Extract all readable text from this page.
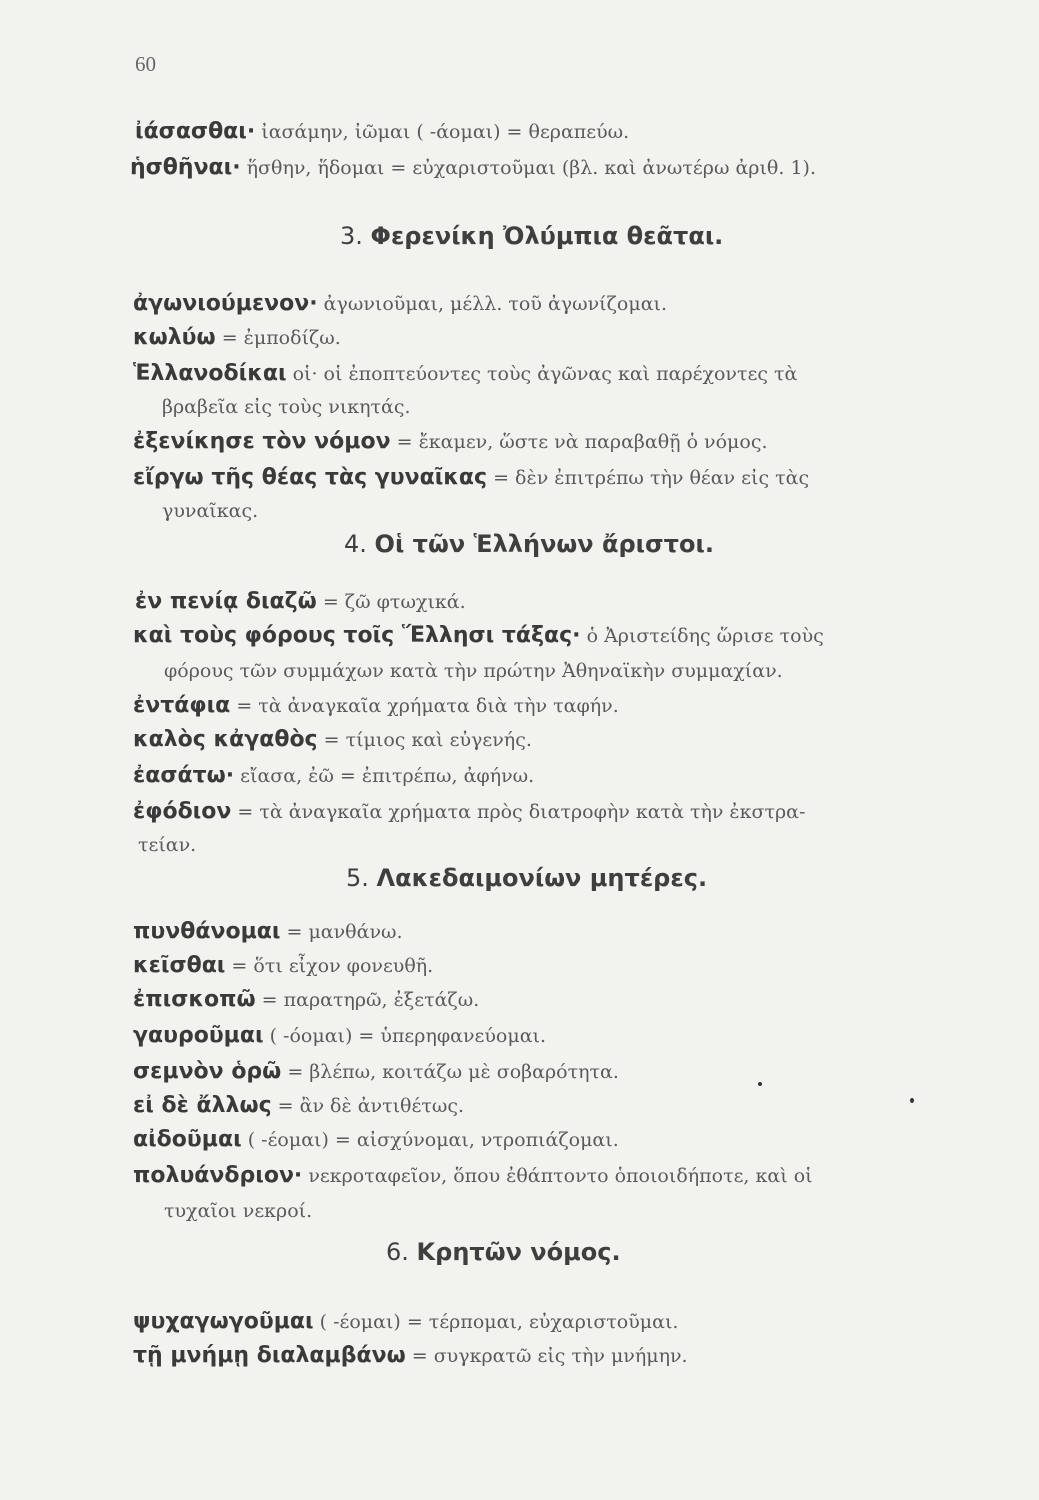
60
ἰάσασθαι· ἰασάμην, ἰῶμαι ( -άομαι) = θεραπεύω.
ἡσθῆναι· ἥσθην, ἥδομαι = εὐχαριστοῦμαι (βλ. καὶ ἀνωτέρω ἀριθ. 1).
3. Φερενίκη Ὀλύμπια θεᾶται.
ἀγωνιούμενον· ἀγωνιοῦμαι, μέλλ. τοῦ ἀγωνίζομαι.
κωλύω = ἐμποδίζω.
Ἑλλανοδίκαι οἱ· οἱ ἐποπτεύοντες τοὺς ἀγῶνας καὶ παρέχοντες τὰ
βραβεῖα εἰς τοὺς νικητάς.
ἐξενίκησε τὸν νόμον = ἔκαμεν, ὥστε νὰ παραβαθῇ ὁ νόμος.
εἴργω τῆς θέας τὰς γυναῖκας = δὲν ἐπιτρέπω τὴν θέαν εἰς τὰς
γυναῖκας.
4. Οἱ τῶν Ἑλλήνων ἄριστοι.
ἐν πενίᾳ διαζῶ = ζῶ φτωχικά.
καὶ τοὺς φόρους τοῖς Ἕλλησι τάξας· ὁ Ἀριστείδης ὥρισε τοὺς
φόρους τῶν συμμάχων κατὰ τὴν πρώτην Ἀθηναϊκὴν συμμαχίαν.
ἐντάφια = τὰ ἀναγκαῖα χρήματα διὰ τὴν ταφήν.
καλὸς κἀγαθὸς = τίμιος καὶ εὐγενής.
ἐασάτω· εἴασα, ἐῶ = ἐπιτρέπω, ἀφήνω.
ἐφόδιον = τὰ ἀναγκαῖα χρήματα πρὸς διατροφὴν κατὰ τὴν ἐκστρα-
τείαν.
5. Λακεδαιμονίων μητέρες.
πυνθάνομαι = μανθάνω.
κεῖσθαι = ὅτι εἶχον φονευθῆ.
ἐπισκοπῶ = παρατηρῶ, ἐξετάζω.
γαυροῦμαι ( -όομαι) = ὑπερηφανεύομαι.
σεμνὸν ὁρῶ = βλέπω, κοιτάζω μὲ σοβαρότητα.
εἰ δὲ ἄλλως = ἂν δὲ ἀντιθέτως.
αἰδοῦμαι ( -έομαι) = αἰσχύνομαι, ντροπιάζομαι.
πολυάνδριον· νεκροταφεῖον, ὅπου ἐθάπτοντο ὁποιοιδήποτε, καὶ οἱ
τυχαῖοι νεκροί.
6. Κρητῶν νόμος.
ψυχαγωγοῦμαι ( -έομαι) = τέρπομαι, εὐχαριστοῦμαι.
τῇ μνήμῃ διαλαμβάνω = συγκρατῶ εἰς τὴν μνήμην.
